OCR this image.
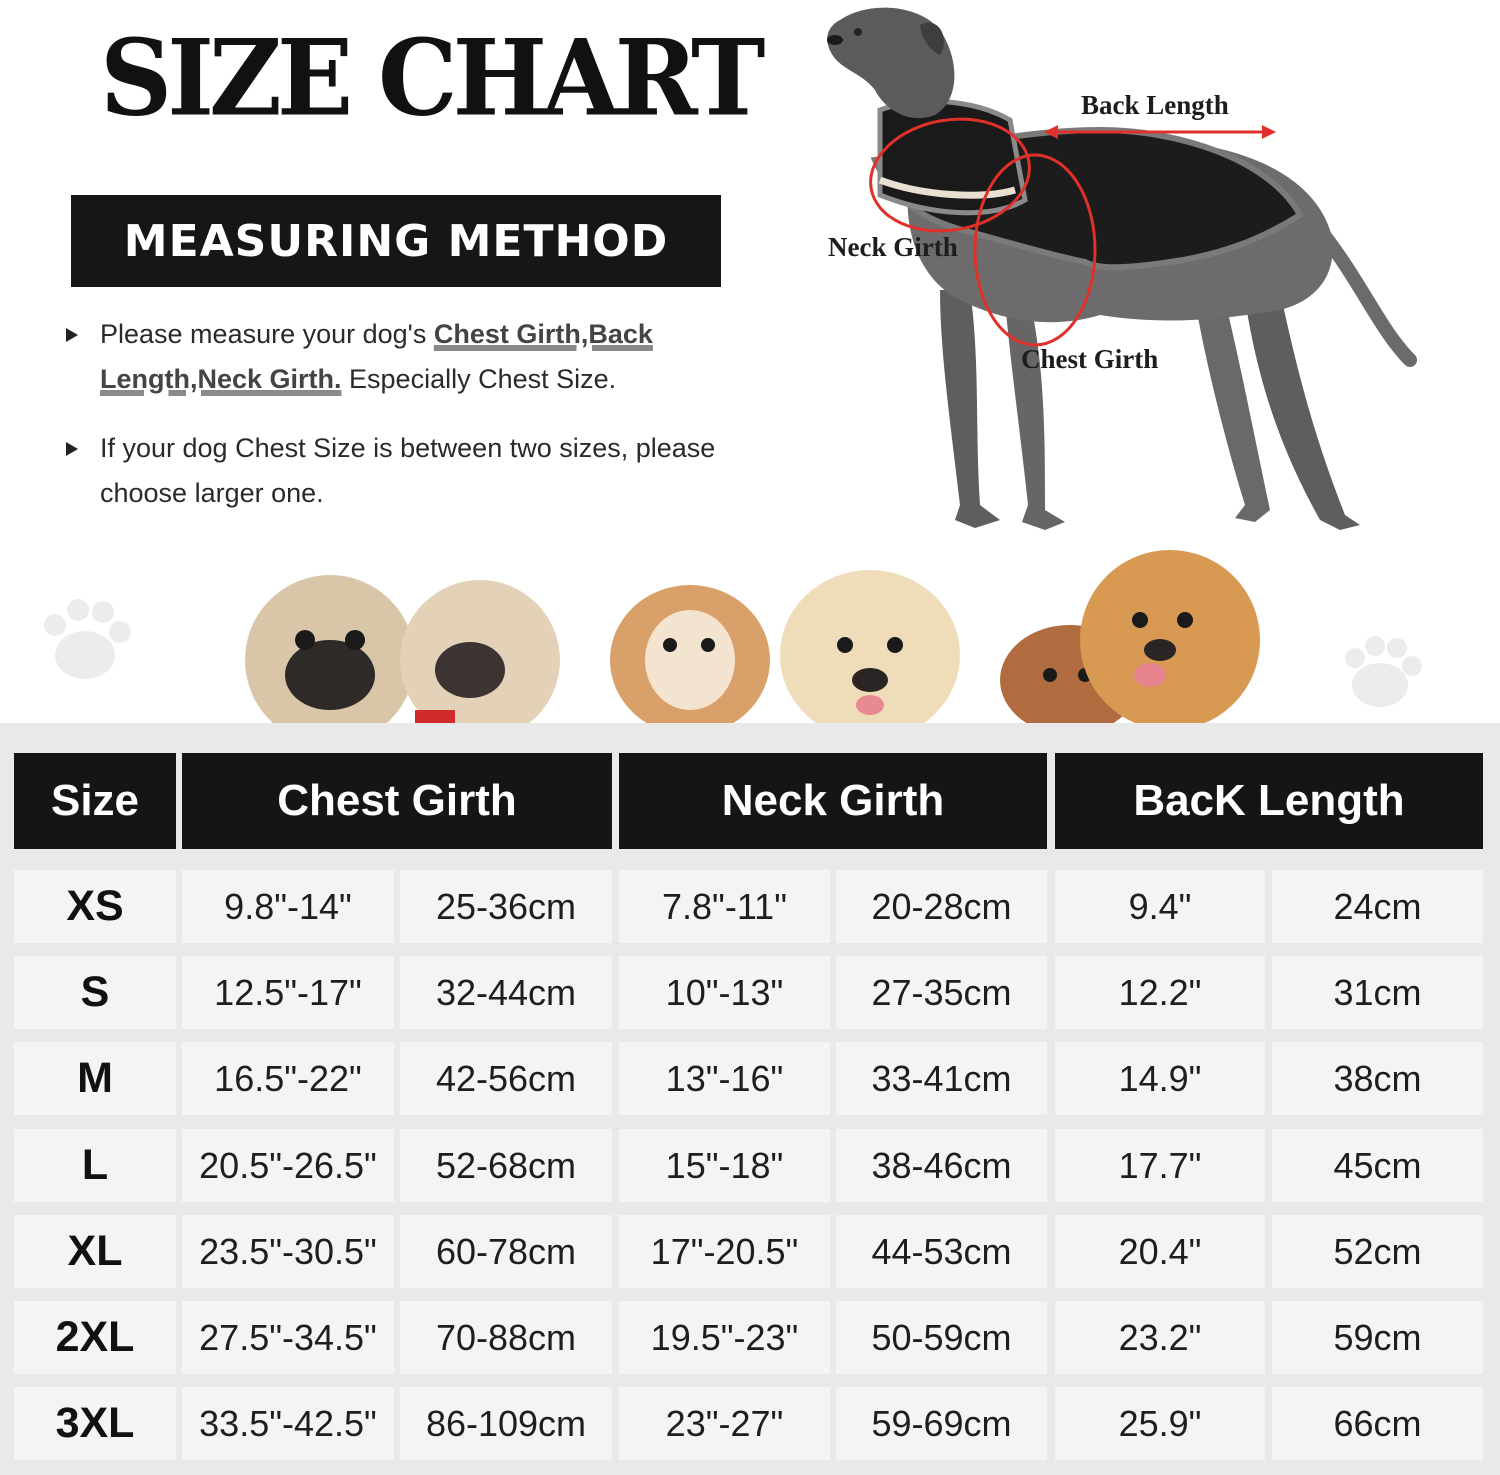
SIZE CHART
MEASURING METHOD
Please measure your dog's Chest Girth,Back Length,Neck Girth. Especially Chest Size.
If your dog Chest Size is between two sizes, please choose larger one.
Back Length
Neck Girth
Chest Girth
Size	Chest Girth	Neck Girth	BacK Length
XS	9.8"-14"	25-36cm	7.8"-11"	20-28cm	9.4"	24cm
S	12.5"-17"	32-44cm	10"-13"	27-35cm	12.2"	31cm
M	16.5"-22"	42-56cm	13"-16"	33-41cm	14.9"	38cm
L	20.5"-26.5"	52-68cm	15"-18"	38-46cm	17.7"	45cm
XL	23.5"-30.5"	60-78cm	17"-20.5"	44-53cm	20.4"	52cm
2XL	27.5"-34.5"	70-88cm	19.5"-23"	50-59cm	23.2"	59cm
3XL	33.5"-42.5"	86-109cm	23"-27"	59-69cm	25.9"	66cm
